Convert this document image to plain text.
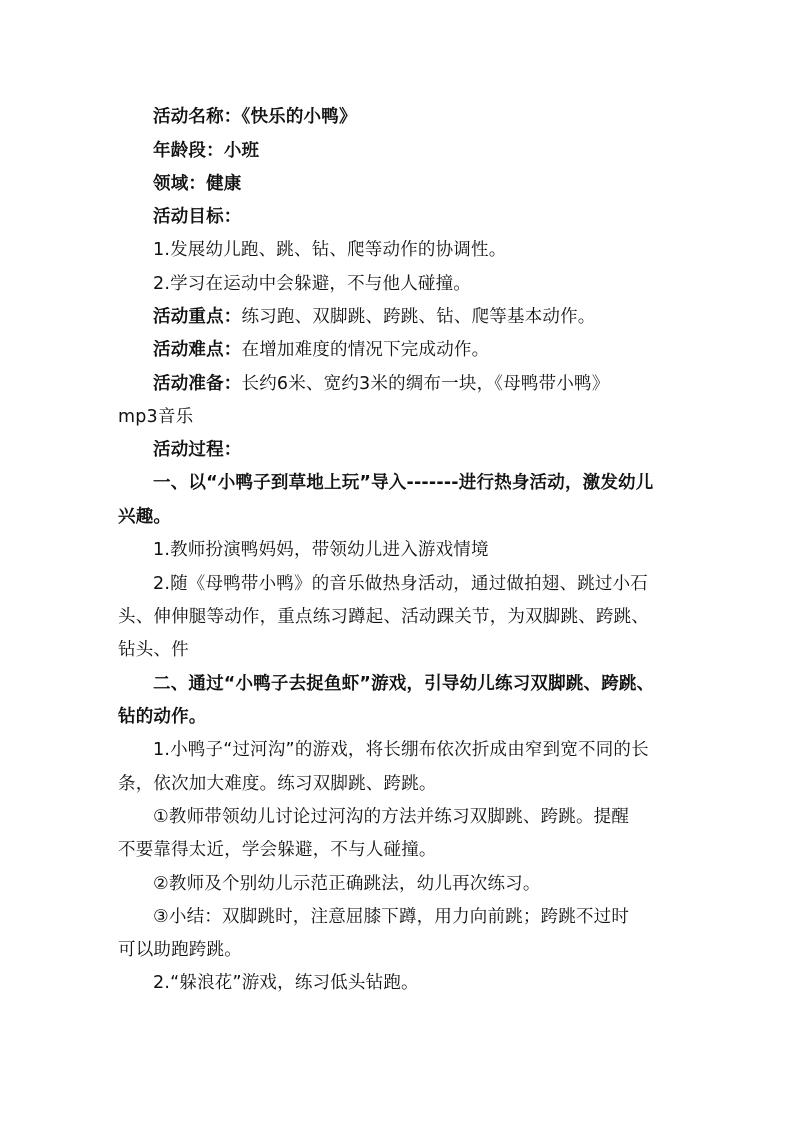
活动名称：《快乐的小鸭》
年龄段：小班
领域：健康
活动目标：
1.发展幼儿跑、跳、钻、爬等动作的协调性。
2.学习在运动中会躲避，不与他人碰撞。
活动重点：练习跑、双脚跳、跨跳、钻、爬等基本动作。
活动难点：在增加难度的情况下完成动作。
活动准备：长约6米、宽约3米的绸布一块，《母鸭带小鸭》
mp3音乐
活动过程：
一、以“小鸭子到草地上玩”导入-------进行热身活动，激发幼儿
兴趣。
1.教师扮演鸭妈妈，带领幼儿进入游戏情境
2.随《母鸭带小鸭》的音乐做热身活动，通过做拍翅、跳过小石
头、伸伸腿等动作，重点练习蹲起、活动踝关节，为双脚跳、跨跳、
钻头、件
二、通过“小鸭子去捉鱼虾”游戏，引导幼儿练习双脚跳、跨跳、
钻的动作。
1.小鸭子“过河沟”的游戏，将长绷布依次折成由窄到宽不同的长
条，依次加大难度。练习双脚跳、跨跳。
①教师带领幼儿讨论过河沟的方法并练习双脚跳、跨跳。提醒
不要靠得太近，学会躲避，不与人碰撞。
②教师及个别幼儿示范正确跳法，幼儿再次练习。
③小结：双脚跳时，注意屈膝下蹲，用力向前跳；跨跳不过时
可以助跑跨跳。
2.“躲浪花”游戏，练习低头钻跑。
